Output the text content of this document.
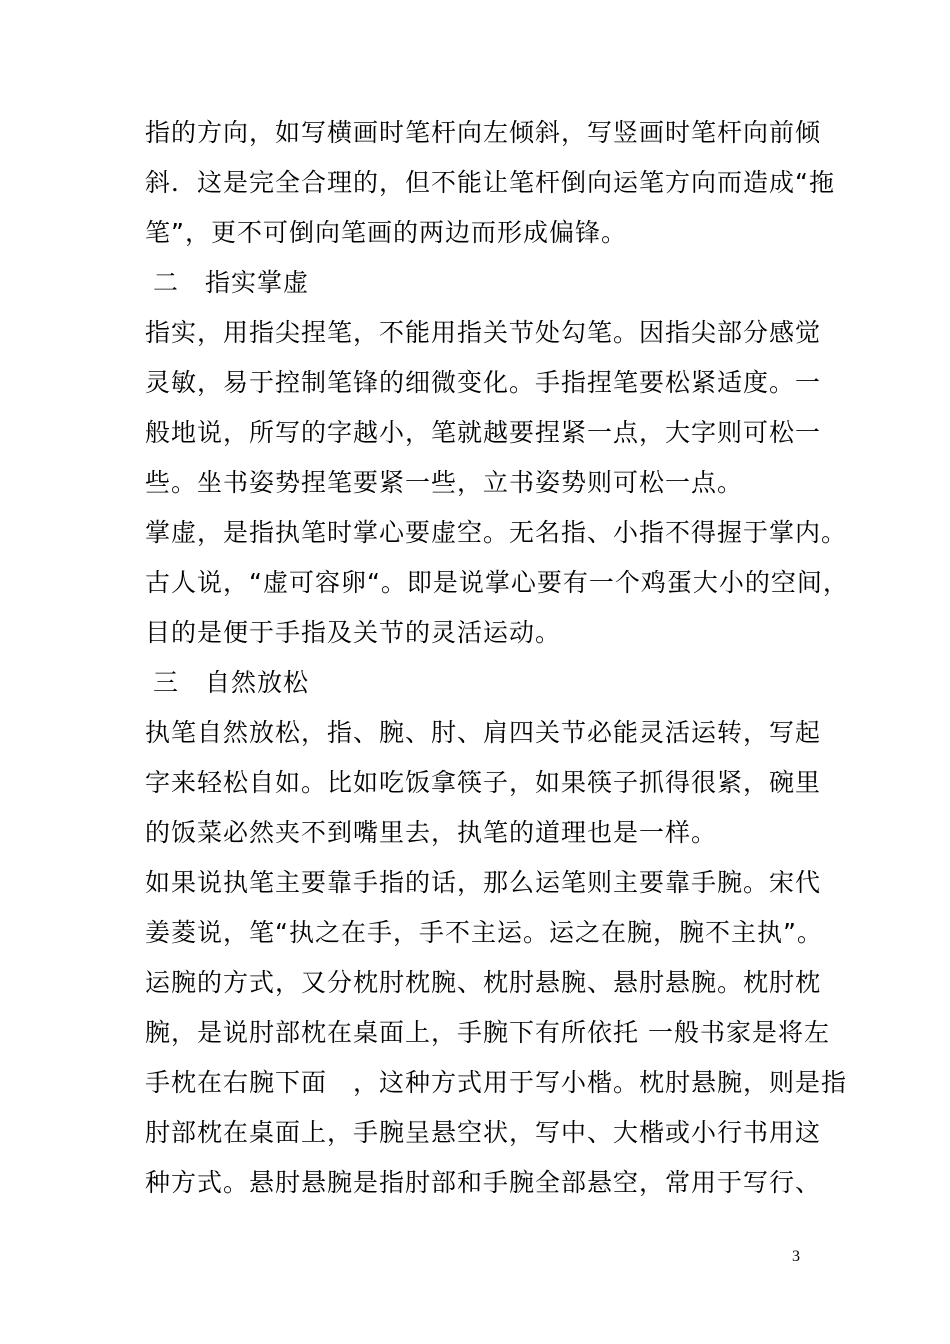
指的方向，如写横画时笔杆向左倾斜，写竖画时笔杆向前倾
斜．这是完全合理的，但不能让笔杆倒向运笔方向而造成“拖
笔”，更不可倒向笔画的两边而形成偏锋。
二　指实掌虚
指实，用指尖捏笔，不能用指关节处勾笔。因指尖部分感觉
灵敏，易于控制笔锋的细微变化。手指捏笔要松紧适度。一
般地说，所写的字越小，笔就越要捏紧一点，大字则可松一
些。坐书姿势捏笔要紧一些，立书姿势则可松一点。
掌虚，是指执笔时掌心要虚空。无名指、小指不得握于掌内。
古人说，“虚可容卵“。即是说掌心要有一个鸡蛋大小的空间，
目的是便于手指及关节的灵活运动。
三　自然放松
执笔自然放松，指、腕、肘、肩四关节必能灵活运转，写起
字来轻松自如。比如吃饭拿筷子，如果筷子抓得很紧，碗里
的饭菜必然夹不到嘴里去，执笔的道理也是一样。
如果说执笔主要靠手指的话，那么运笔则主要靠手腕。宋代
姜菱说，笔“执之在手，手不主运。运之在腕，腕不主执”。
运腕的方式，又分枕肘枕腕、枕肘悬腕、悬肘悬腕。枕肘枕
腕，是说肘部枕在桌面上，手腕下有所依托 一般书家是将左
手枕在右腕下面　，这种方式用于写小楷。枕肘悬腕，则是指
肘部枕在桌面上，手腕呈悬空状，写中、大楷或小行书用这
种方式。悬肘悬腕是指肘部和手腕全部悬空，常用于写行、
3
